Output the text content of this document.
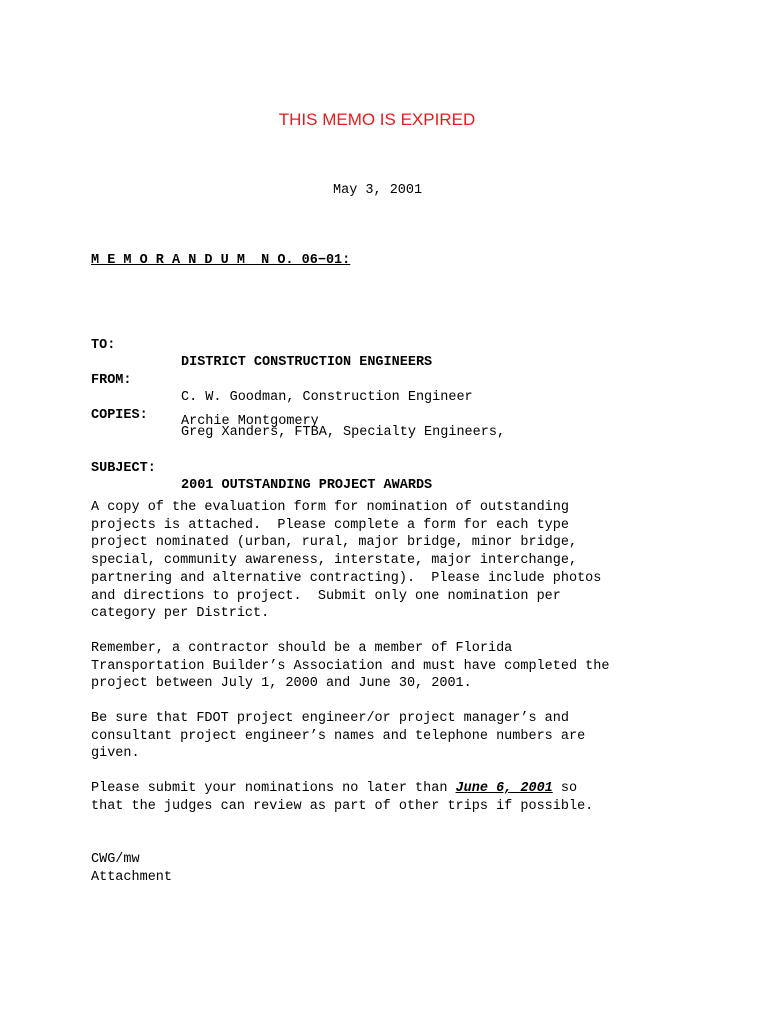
THIS MEMO IS EXPIRED
May 3, 2001
M E M O R A N D U M  N O. 06−01:

TO:

DISTRICT CONSTRUCTION ENGINEERS

FROM:

C. W. Goodman, Construction Engineer

COPIES:

Greg Xanders, FTBA, Specialty Engineers,

Archie Montgomery

SUBJECT:

2001 OUTSTANDING PROJECT AWARDS

A copy of the evaluation form for nomination of outstanding
projects is attached.  Please complete a form for each type
project nominated (urban, rural, major bridge, minor bridge,
special, community awareness, interstate, major interchange,
partnering and alternative contracting).  Please include photos
and directions to project.  Submit only one nomination per
category per District.
Remember, a contractor should be a member of Florida
Transportation Builder’s Association and must have completed the
project between July 1, 2000 and June 30, 2001.
Be sure that FDOT project engineer/or project manager’s and
consultant project engineer’s names and telephone numbers are
given.
Please submit your nominations no later than June 6, 2001 so
that the judges can review as part of other trips if possible.
CWG/mw
Attachment
